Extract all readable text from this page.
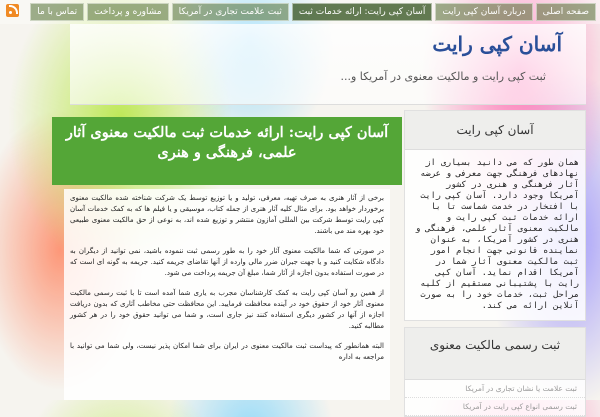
صفحه اصلی
درباره آسان کپی رایت
آسان کپی رایت: ارائه خدمات ثبت
ثبت علامت تجاری در آمریکا
مشاوره و پرداخت
تماس با ما
آسان کپی رایت
ثبت کپی رایت و مالکیت معنوی در آمریکا و...
آسان کپی رایت: ارائه خدمات ثبت مالکیت معنوی آثار علمی، فرهنگی و هنری

برخی از آثار هنری به صرف تهیه، معرفی، تولید و یا توزیع توسط یک شرکت شناخته شده مالکیت معنوی برخوردار خواهد بود. برای مثال کلیه آثار هنری از جمله کتاب، موسیقی و یا فیلم ها که به کمک خدمات آسان کپی رایت توسط شرکت بین المللی آمازون منتشر و توزیع شده اند، به نوعی از حق مالکیت معنوی طبیعی خود بهره مند می باشند.

در صورتی که شما مالکیت معنوی آثار خود را به طور رسمی ثبت ننموده باشید، نمی توانید از دیگران به دادگاه شکایت کنید و یا جهت جبران ضرر مالی وارده از آنها تقاضای جریمه کنید. جریمه به گونه ای است که در صورت استفاده بدون اجازه از آثار شما، مبلغ آن جریمه پرداخت می شود.

از همین رو آسان کپی رایت به کمک کارشناسان مجرب به یاری شما آمده است تا با ثبت رسمی مالکیت معنوی آثار خود از حقوق خود در آینده محافظت فرمایید. این محافظت حتی مخاطب آثاری که بدون دریافت اجازه از آنها در کشور دیگری استفاده کنند نیز جاری است، و شما می توانید حقوق خود را در هر کشور مطالبه کنید.

البته همانطور که پیداست ثبت مالکیت معنوی در ایران برای شما امکان پذیر نیست، ولی شما می توانید با مراجعه به اداره

آسان کپی رایت
همان طور که می دانید بسیاری از نهادهای فرهنگی جهت معرفی و عرضه آثار فرهنگی و هنری در کشور آمریکا وجود دارد. آسان کپی رایت با افتخار در خدمت شماست تا با ارائه خدمات ثبت کپی رایت و مالکیت معنوی آثار علمی، فرهنگی و هنری در کشور آمریکا، به عنوان نماینده قانونی جهت انجام امور ثبت مالکیت معنوی آثار شما در آمریکا اقدام نماید. آسان کپی رایت با پشتیبانی مستقیم از کلیه مراحل ثبت، خدمات خود را به صورت آنلاین ارائه می کند.
ثبت رسمی مالکیت معنوی
ثبت علامت یا نشان تجاری در آمریکا
ثبت رسمی انواع کپی رایت در آمریکا
